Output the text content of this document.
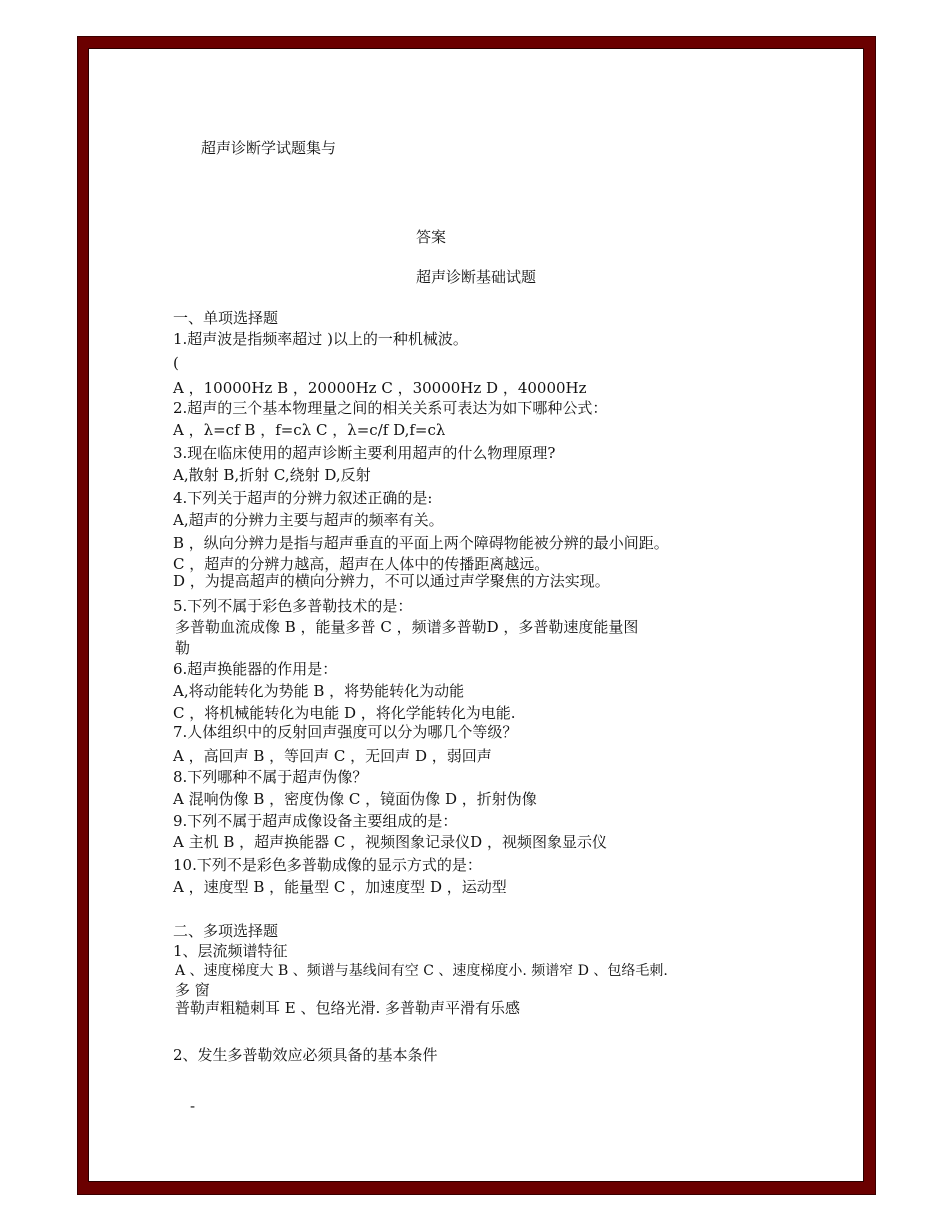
超声诊断学试题集与
答案
超声诊断基础试题
一、单项选择题
1.超声波是指频率超过 )以上的一种机械波。
(
A ，10000Hz B ，20000Hz C ，30000Hz D ，40000Hz
2.超声的三个基本物理量之间的相关关系可表达为如下哪种公式：
A ，λ=cf B ，f=cλ C ，λ=c/f D,f=cλ
3.现在临床使用的超声诊断主要利用超声的什么物理原理?
A,散射 B,折射 C,绕射 D,反射
4.下列关于超声的分辨力叙述正确的是:
A,超声的分辨力主要与超声的频率有关。
B ，纵向分辨力是指与超声垂直的平面上两个障碍物能被分辨的最小间距。
C ，超声的分辨力越高，超声在人体中的传播距离越远。
D ，为提高超声的横向分辨力，不可以通过声学聚焦的方法实现。
5.下列不属于彩色多普勒技术的是：
多普勒血流成像 B ，能量多普 C ，频谱多普勒D ，多普勒速度能量图
勒
6.超声换能器的作用是：
A,将动能转化为势能 B ，将势能转化为动能
C ，将机械能转化为电能 D ，将化学能转化为电能.
7.人体组织中的反射回声强度可以分为哪几个等级？
A ，高回声 B ，等回声 C ，无回声 D ，弱回声
8.下列哪种不属于超声伪像？
A 混响伪像 B ，密度伪像 C ，镜面伪像 D ，折射伪像
9.下列不属于超声成像设备主要组成的是：
A 主机 B ，超声换能器 C ，视频图象记录仪D ，视频图象显示仪
10.下列不是彩色多普勒成像的显示方式的是：
A ，速度型 B ，能量型 C ，加速度型 D ，运动型
二、多项选择题
1、层流频谱特征
A 、速度梯度大 B 、频谱与基线间有空 C 、速度梯度小. 频谱窄 D 、包络毛刺.
多 窗
普勒声粗糙刺耳 E 、包络光滑. 多普勒声平滑有乐感
2、发生多普勒效应必须具备的基本条件
-
